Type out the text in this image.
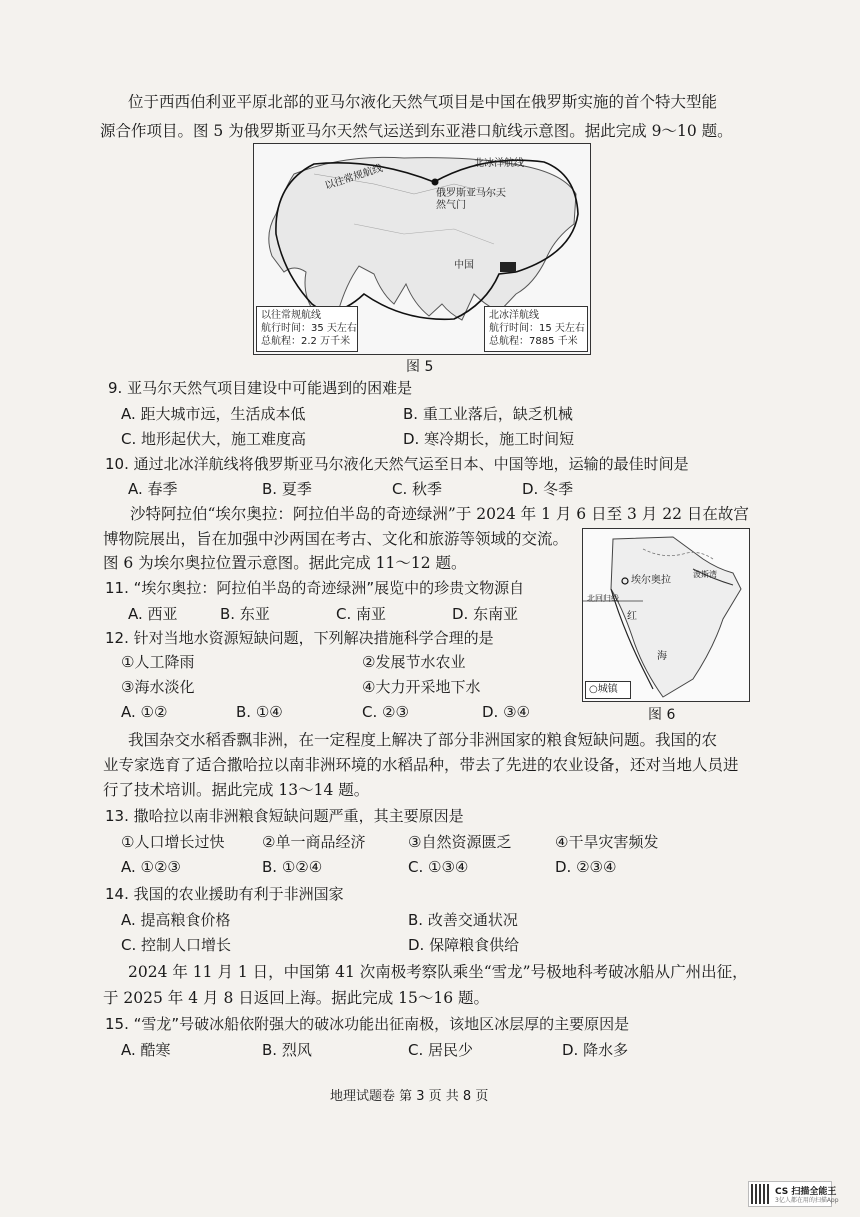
位于西西伯利亚平原北部的亚马尔液化天然气项目是中国在俄罗斯实施的首个特大型能
源合作项目。图 5 为俄罗斯亚马尔天然气运送到东亚港口航线示意图。据此完成 9～10 题。
以往常规航线	北冰洋航线
俄罗斯亚马尔天然气门
中国
以往常规航线
航行时间：35 天左右
总航程：2.2 万千米
北冰洋航线
航行时间：15 天左右
总航程：7885 千米
图 5
9. 亚马尔天然气项目建设中可能遇到的困难是
A. 距大城市远，生活成本低	B. 重工业落后，缺乏机械
C. 地形起伏大，施工难度高	D. 寒冷期长，施工时间短
10. 通过北冰洋航线将俄罗斯亚马尔液化天然气运至日本、中国等地，运输的最佳时间是
A. 春季	B. 夏季	C. 秋季	D. 冬季
沙特阿拉伯“埃尔奥拉：阿拉伯半岛的奇迹绿洲”于 2024 年 1 月 6 日至 3 月 22 日在故宫
博物院展出，旨在加强中沙两国在考古、文化和旅游等领域的交流。
图 6 为埃尔奥拉位置示意图。据此完成 11～12 题。
埃尔奥拉
北回归线
波斯湾
红
海
○城镇
图 6
11. “埃尔奥拉：阿拉伯半岛的奇迹绿洲”展览中的珍贵文物源自
A. 西亚	B. 东亚	C. 南亚	D. 东南亚
12. 针对当地水资源短缺问题，下列解决措施科学合理的是
①人工降雨	②发展节水农业
③海水淡化	④大力开采地下水
A. ①②	B. ①④	C. ②③	D. ③④
我国杂交水稻香飘非洲，在一定程度上解决了部分非洲国家的粮食短缺问题。我国的农
业专家选育了适合撒哈拉以南非洲环境的水稻品种，带去了先进的农业设备，还对当地人员进
行了技术培训。据此完成 13～14 题。
13. 撒哈拉以南非洲粮食短缺问题严重，其主要原因是
①人口增长过快	②单一商品经济	③自然资源匮乏	④干旱灾害频发
A. ①②③	B. ①②④	C. ①③④	D. ②③④
14. 我国的农业援助有利于非洲国家
A. 提高粮食价格	B. 改善交通状况
C. 控制人口增长	D. 保障粮食供给
2024 年 11 月 1 日，中国第 41 次南极考察队乘坐“雪龙”号极地科考破冰船从广州出征，
于 2025 年 4 月 8 日返回上海。据此完成 15～16 题。
15. “雪龙”号破冰船依附强大的破冰功能出征南极，该地区冰层厚的主要原因是
A. 酷寒	B. 烈风	C. 居民少	D. 降水多
地理试题卷 第 3 页 共 8 页
CS 扫描全能王
3亿人都在用的扫描App
